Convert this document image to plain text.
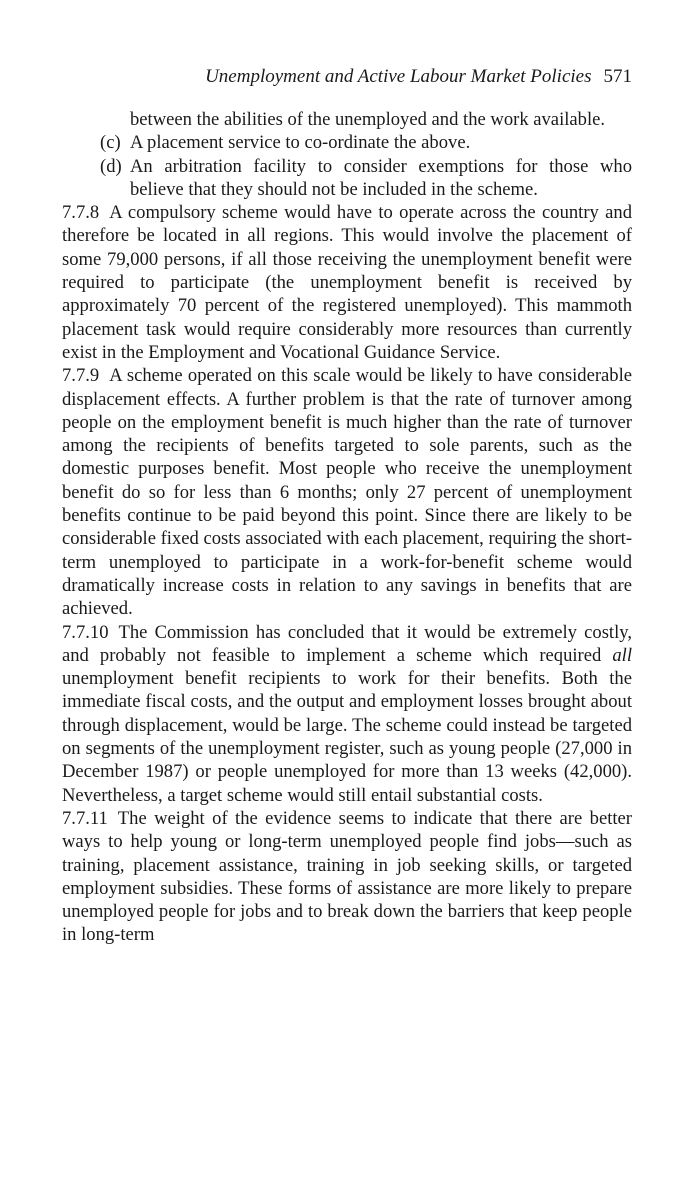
Unemployment and Active Labour Market Policies 571

between the abilities of the unemployed and the work available.

(c) A placement service to co-ordinate the above.

(d) An arbitration facility to consider exemptions for those who believe that they should not be included in the scheme.

7.7.8 A compulsory scheme would have to operate across the country and therefore be located in all regions. This would involve the placement of some 79,000 persons, if all those receiving the unemployment benefit were required to participate (the unemployment benefit is received by approximately 70 percent of the registered unemployed). This mammoth placement task would require considerably more resources than currently exist in the Employment and Vocational Guidance Service.

7.7.9 A scheme operated on this scale would be likely to have considerable displacement effects. A further problem is that the rate of turnover among people on the employment benefit is much higher than the rate of turnover among the recipients of benefits targeted to sole parents, such as the domestic purposes benefit. Most people who receive the unemployment benefit do so for less than 6 months; only 27 percent of unemployment benefits continue to be paid beyond this point. Since there are likely to be considerable fixed costs associated with each placement, requiring the short-term unemployed to participate in a work-for-benefit scheme would dramatically increase costs in relation to any savings in benefits that are achieved.

7.7.10 The Commission has concluded that it would be extremely costly, and probably not feasible to implement a scheme which required all unemployment benefit recipients to work for their benefits. Both the immediate fiscal costs, and the output and employment losses brought about through displacement, would be large. The scheme could instead be targeted on segments of the unemployment register, such as young people (27,000 in December 1987) or people unemployed for more than 13 weeks (42,000). Nevertheless, a target scheme would still entail substantial costs.

7.7.11 The weight of the evidence seems to indicate that there are better ways to help young or long-term unemployed people find jobs—such as training, placement assistance, training in job seeking skills, or targeted employment subsidies. These forms of assistance are more likely to prepare unemployed people for jobs and to break down the barriers that keep people in long-term
